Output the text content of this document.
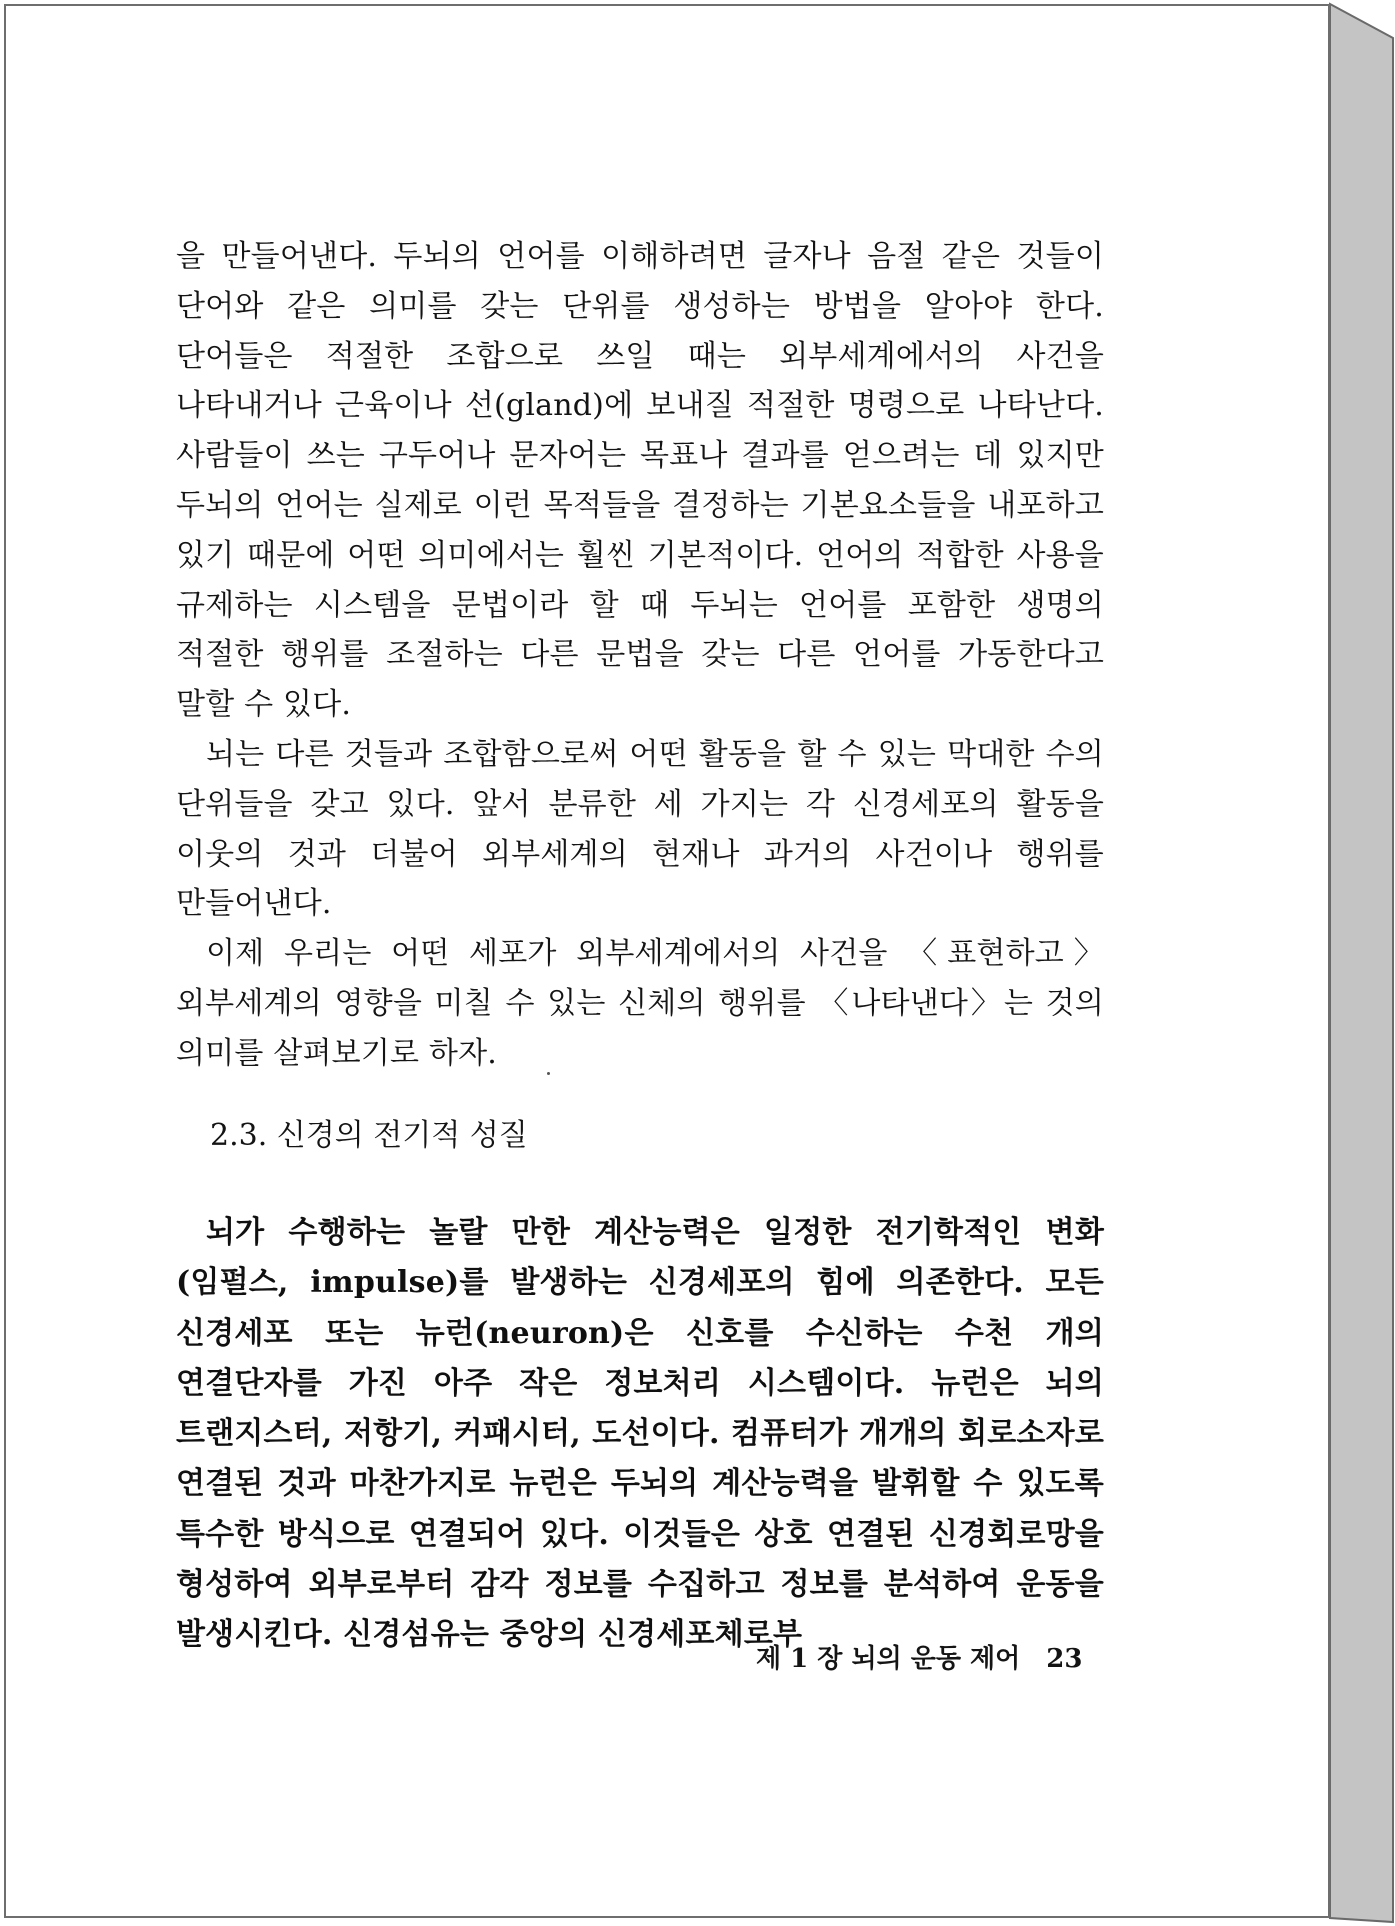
을 만들어낸다. 두뇌의 언어를 이해하려면 글자나 음절 같은 것들이 단어와 같은 의미를 갖는 단위를 생성하는 방법을 알아야 한다. 단어들은 적절한 조합으로 쓰일 때는 외부세계에서의 사건을 나타내거나 근육이나 선(gland)에 보내질 적절한 명령으로 나타난다. 사람들이 쓰는 구두어나 문자어는 목표나 결과를 얻으려는 데 있지만 두뇌의 언어는 실제로 이런 목적들을 결정하는 기본요소들을 내포하고 있기 때문에 어떤 의미에서는 훨씬 기본적이다. 언어의 적합한 사용을 규제하는 시스템을 문법이라 할 때 두뇌는 언어를 포함한 생명의 적절한 행위를 조절하는 다른 문법을 갖는 다른 언어를 가동한다고 말할 수 있다.

뇌는 다른 것들과 조합함으로써 어떤 활동을 할 수 있는 막대한 수의 단위들을 갖고 있다. 앞서 분류한 세 가지는 각 신경세포의 활동을 이웃의 것과 더불어 외부세계의 현재나 과거의 사건이나 행위를 만들어낸다.

이제 우리는 어떤 세포가 외부세계에서의 사건을 〈표현하고〉 외부세계의 영향을 미칠 수 있는 신체의 행위를 〈나타낸다〉는 것의 의미를 살펴보기로 하자.

2.3. 신경의 전기적 성질

뇌가 수행하는 놀랄 만한 계산능력은 일정한 전기학적인 변화(임펄스, impulse)를 발생하는 신경세포의 힘에 의존한다. 모든 신경세포 또는 뉴런(neuron)은 신호를 수신하는 수천 개의 연결단자를 가진 아주 작은 정보처리 시스템이다. 뉴런은 뇌의 트랜지스터, 저항기, 커패시터, 도선이다. 컴퓨터가 개개의 회로소자로 연결된 것과 마찬가지로 뉴런은 두뇌의 계산능력을 발휘할 수 있도록 특수한 방식으로 연결되어 있다. 이것들은 상호 연결된 신경회로망을 형성하여 외부로부터 감각 정보를 수집하고 정보를 분석하여 운동을 발생시킨다. 신경섬유는 중앙의 신경세포체로부

제 1 장 뇌의 운동 제어 23
